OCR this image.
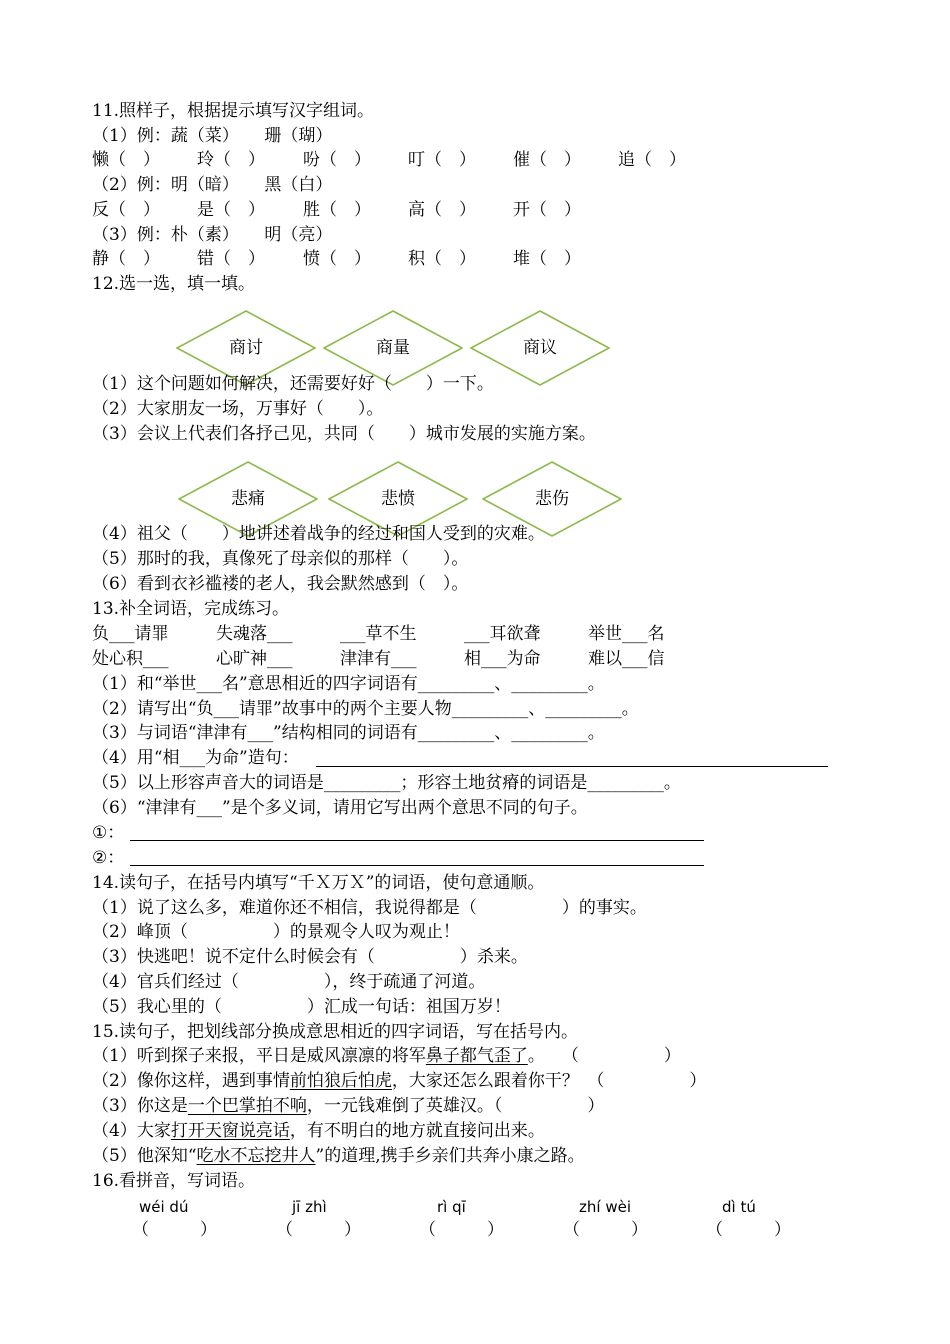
11.照样子，根据提示填写汉字组词。
（1）例：蔬（菜）　　珊（瑚）
懒（　） 玲（　） 吩（　） 叮（　） 催（　） 追（　）
（2）例：明（暗）　　黑（白）
反（　） 是（　） 胜（　） 高（　） 开（　）
（3）例：朴（素）　　明（亮）
静（　） 错（　） 愤（　） 积（　） 堆（　）
12.选一选，填一填。
商讨	商量	商议
（1）这个问题如何解决，还需要好好（　　）一下。
（2）大家朋友一场，万事好（　　）。
（3）会议上代表们各抒己见，共同（　　）城市发展的实施方案。
悲痛	悲愤	悲伤
（4）祖父（　　）地讲述着战争的经过和国人受到的灾难。
（5）那时的我，真像死了母亲似的那样（　　）。
（6）看到衣衫褴褛的老人，我会默然感到（　）。
13.补全词语，完成练习。
负___请罪	失魂落___	___草不生	___耳欲聋	举世___名
处心积___	心旷神___	津津有___	相___为命	难以___信
（1）和“举世___名”意思相近的四字词语有_________、_________。
（2）请写出“负___请罪”故事中的两个主要人物_________、_________。
（3）与词语“津津有___”结构相同的词语有_________、_________。
（4）用“相___为命”造句：
（5）以上形容声音大的词语是_________；形容土地贫瘠的词语是_________。
（6）“津津有___”是个多义词，请用它写出两个意思不同的句子。
①：
②：
14.读句子，在括号内填写“千Ｘ万Ｘ”的词语，使句意通顺。
（1）说了这么多，难道你还不相信，我说得都是（　　　　　）的事实。
（2）峰顶（　　　　　）的景观令人叹为观止！
（3）快逃吧！说不定什么时候会有（　　　　　）杀来。
（4）官兵们经过（　　　　　），终于疏通了河道。
（5）我心里的（　　　　　）汇成一句话：祖国万岁！
15.读句子，把划线部分换成意思相近的四字词语，写在括号内。
（1）听到探子来报，平日是威风凛凛的将军鼻子都气歪了。　　（　　　　　）
（2）像你这样，遇到事情前怕狼后怕虎，大家还怎么跟着你干？　（　　　　　）
（3）你这是一个巴掌拍不响，一元钱难倒了英雄汉。（　　　　　）
（4）大家打开天窗说亮话，有不明白的地方就直接问出来。
（5）他深知“吃水不忘挖井人”的道理,携手乡亲们共奔小康之路。
16.看拼音，写词语。
wéi dú	jī zhì	rì qī	zhí wèi	dì tú
（　　　）	（　　　）	（　　　）	（　　　）	（　　　）
